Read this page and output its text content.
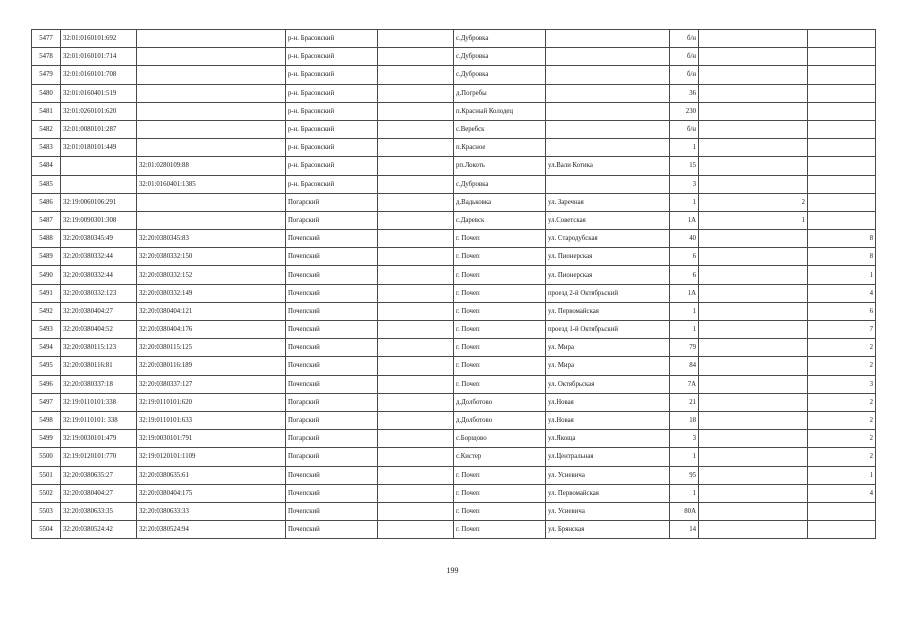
5477	32:01:0160101:692		р-н. Брасовский		с.Дубровка		б/н		
5478	32:01:0160101:714		р-н. Брасовский		с.Дубровка		б/н		
5479	32:01:0160101:708		р-н. Брасовский		с.Дубровка		б/н		
5480	32:01:0160401:519		р-н. Брасовский		д.Погребы		36		
5481	32:01:0260101:620		р-н. Брасовский		п.Красный Колодец		230		
5482	32:01:0080101:287		р-н. Брасовский		с.Веребск		б/н		
5483	32:01:0180101:449		р-н. Брасовский		п.Красное		1		
5484		32:01:0280109:88	р-н. Брасовский		рп.Локоть	ул.Вали Котика	15		
5485		32:01:0160401:1385	р-н. Брасовский		с.Дубровка		3		
5486	32:19:0060106:291		Погарский		д.Вадьковка	ул. Заречная	1	2	
5487	32:19:0090301:308		Погарский		с.Даревск	ул.Советская	1А	1	
5488	32:20:0380345:49	32:20:0380345:83	Почепский		г. Почеп	ул. Стародубская	40		8
5489	32:20:0380332:44	32:20:0380332:150	Почепский		г. Почеп	ул. Пионерская	6		8
5490	32:20:0380332:44	32:20:0380332:152	Почепский		г. Почеп	ул. Пионерская	6		1
5491	32:20:0380332:123	32:20:0380332:149	Почепский		г. Почеп	проезд 2-й Октябрьский	1А		4
5492	32:20:0380404:27	32:20:0380404:121	Почепский		г. Почеп	ул. Первомайская	1		6
5493	32:20:0380404:52	32:20:0380404:176	Почепский		г. Почеп	проезд 1-й Октябрьский	1		7
5494	32:20:0380115:123	32:20:0380115:125	Почепский		г. Почеп	ул. Мира	79		2
5495	32:20:0380116:81	32:20:0380116:189	Почепский		г. Почеп	ул. Мира	84		2
5496	32:20:0380337:18	32:20:0380337:127	Почепский		г. Почеп	ул. Октябрьская	7А		3
5497	32:19:0110101:338	32:19:0110101:620	Погарский		д.Долботово	ул.Новая	21		2
5498	32:19:0110101: 338	32:19:0110101:633	Погарский		д.Долботово	ул.Новая	18		2
5499	32:19:0030101:479	32:19:0030101:791	Погарский		с.Борщово	ул.Якоща	3		2
5500	32:19:0120101:770	32:19:0120101:1109	Погарский		с.Кистер	ул.Центральная	1		2
5501	32:20:0380635:27	32:20:0380635:61	Почепский		г. Почеп	ул. Усиевича	95		1
5502	32:20:0380404:27	32:20:0380404:175	Почепский		г. Почеп	ул. Первомайская	1		4
5503	32:20:0380633:35	32:20:0380633:33	Почепский		г. Почеп	ул. Усиевича	80А		
5504	32:20:0380524:42	32:20:0380524:94	Почепский		г. Почеп	ул. Брянская	14		
199
